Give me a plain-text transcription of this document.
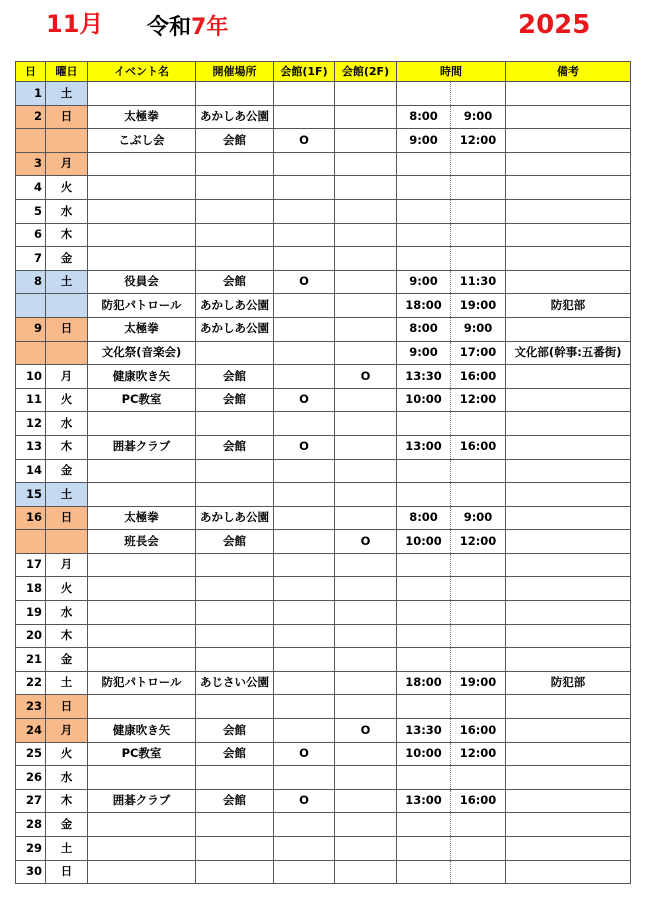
11月 令和7年	2025
日	曜日	イベント名	開催場所	会館(1F)	会館(2F)	時間		備考
1	土							
2	日	太極拳	あかしあ公園			8:00	9:00	
		こぶし会	会館	O		9:00	12:00	
3	月							
4	火							
5	水							
6	木							
7	金							
8	土	役員会	会館	O		9:00	11:30	
		防犯パトロール	あかしあ公園			18:00	19:00	防犯部
9	日	太極拳	あかしあ公園			8:00	9:00	
		文化祭(音楽会)				9:00	17:00	文化部(幹事:五番街)
10	月	健康吹き矢	会館		O	13:30	16:00	
11	火	PC教室	会館	O		10:00	12:00	
12	水							
13	木	囲碁クラブ	会館	O		13:00	16:00	
14	金							
15	土							
16	日	太極拳	あかしあ公園			8:00	9:00	
		班長会	会館		O	10:00	12:00	
17	月							
18	火							
19	水							
20	木							
21	金							
22	土	防犯パトロール	あじさい公園			18:00	19:00	防犯部
23	日							
24	月	健康吹き矢	会館		O	13:30	16:00	
25	火	PC教室	会館	O		10:00	12:00	
26	水							
27	木	囲碁クラブ	会館	O		13:00	16:00	
28	金							
29	土							
30	日							
